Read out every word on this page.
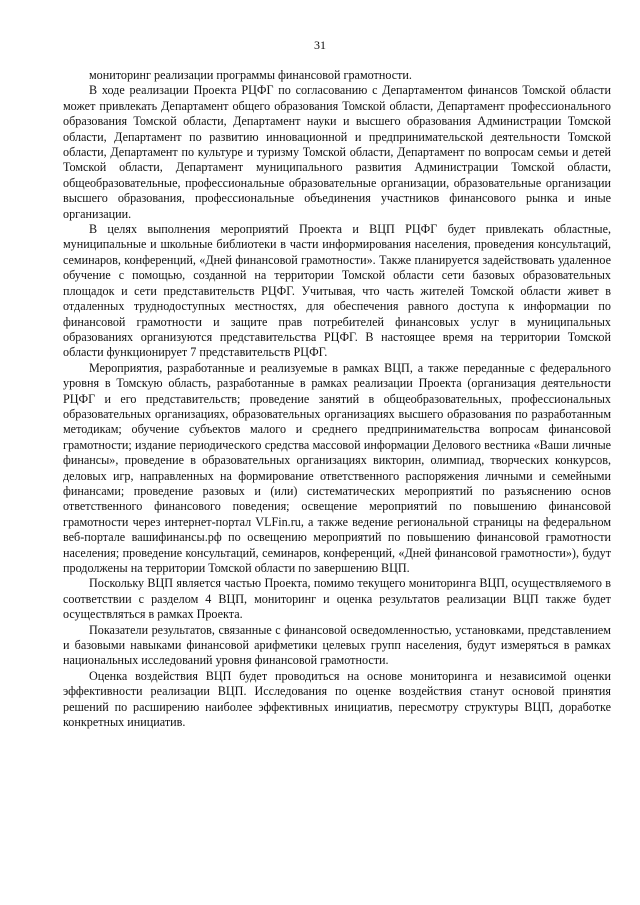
31

мониторинг реализации программы финансовой грамотности.

В ходе реализации Проекта РЦФГ по согласованию с Департаментом финансов Томской области может привлекать Департамент общего образования Томской области, Департамент профессионального образования Томской области, Департамент науки и высшего образования Администрации Томской области, Департамент по развитию инновационной и предпринимательской деятельности Томской области, Департамент по культуре и туризму Томской области, Департамент по вопросам семьи и детей Томской области, Департамент муниципального развития Администрации Томской области, общеобразовательные, профессиональные образовательные организации, образовательные организации высшего образования, профессиональные объединения участников финансового рынка и иные организации.

В целях выполнения мероприятий Проекта и ВЦП РЦФГ будет привлекать областные, муниципальные и школьные библиотеки в части информирования населения, проведения консультаций, семинаров, конференций, «Дней финансовой грамотности». Также планируется задействовать удаленное обучение с помощью, созданной на территории Томской области сети базовых образовательных площадок и сети представительств РЦФГ. Учитывая, что часть жителей Томской области живет в отдаленных труднодоступных местностях, для обеспечения равного доступа к информации по финансовой грамотности и защите прав потребителей финансовых услуг в муниципальных образованиях организуются представительства РЦФГ. В настоящее время на территории Томской области функционирует 7 представительств РЦФГ.

Мероприятия, разработанные и реализуемые в рамках ВЦП, а также переданные с федерального уровня в Томскую область, разработанные в рамках реализации Проекта (организация деятельности РЦФГ и его представительств; проведение занятий в общеобразовательных, профессиональных образовательных организациях, образовательных организациях высшего образования по разработанным методикам; обучение субъектов малого и среднего предпринимательства вопросам финансовой грамотности; издание периодического средства массовой информации Делового вестника «Ваши личные финансы», проведение в образовательных организациях викторин, олимпиад, творческих конкурсов, деловых игр, направленных на формирование ответственного распоряжения личными и семейными финансами; проведение разовых и (или) систематических мероприятий по разъяснению основ ответственного финансового поведения; освещение мероприятий по повышению финансовой грамотности через интернет-портал VLFin.ru, а также ведение региональной страницы на федеральном веб-портале вашифинансы.рф по освещению мероприятий по повышению финансовой грамотности населения; проведение консультаций, семинаров, конференций, «Дней финансовой грамотности»), будут продолжены на территории Томской области по завершению ВЦП.

Поскольку ВЦП является частью Проекта, помимо текущего мониторинга ВЦП, осуществляемого в соответствии с разделом 4 ВЦП, мониторинг и оценка результатов реализации ВЦП также будет осуществляться в рамках Проекта.

Показатели результатов, связанные с финансовой осведомленностью, установками, представлением и базовыми навыками финансовой арифметики целевых групп населения, будут измеряться в рамках национальных исследований уровня финансовой грамотности.

Оценка воздействия ВЦП будет проводиться на основе мониторинга и независимой оценки эффективности реализации ВЦП. Исследования по оценке воздействия станут основой принятия решений по расширению наиболее эффективных инициатив, пересмотру структуры ВЦП, доработке конкретных инициатив.
